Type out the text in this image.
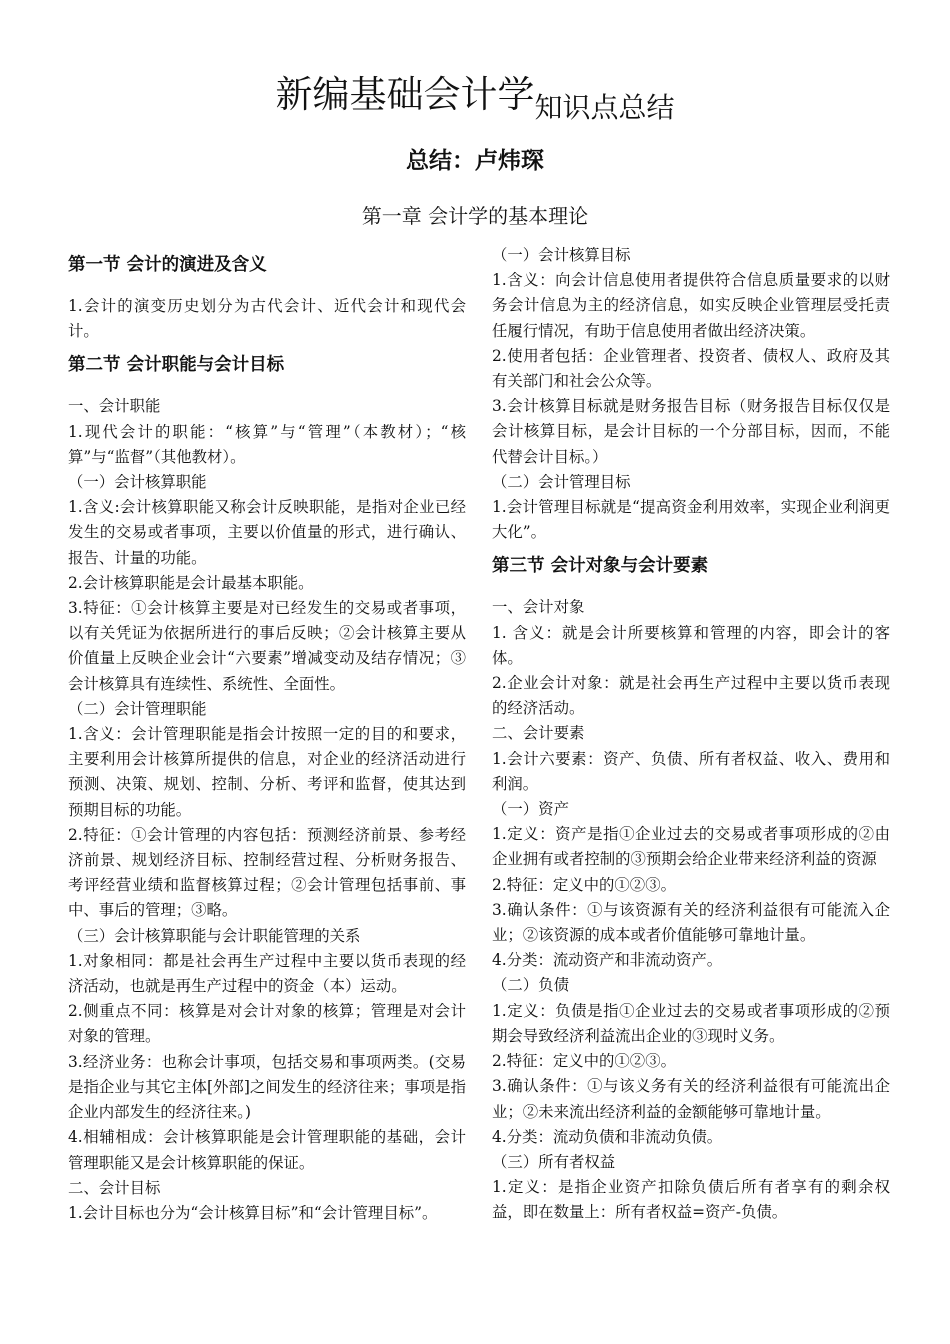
新编基础会计学知识点总结
总结：卢炜琛
第一章 会计学的基本理论
第一节 会计的演进及含义

1.会计的演变历史划分为古代会计、近代会计和现代会计。

第二节 会计职能与会计目标

一、会计职能

1.现代会计的职能：“核算”与“管理”（本教材）；“核算”与“监督”（其他教材）。

（一）会计核算职能

1.含义:会计核算职能又称会计反映职能，是指对企业已经发生的交易或者事项，主要以价值量的形式，进行确认、报告、计量的功能。

2.会计核算职能是会计最基本职能。

3.特征：①会计核算主要是对已经发生的交易或者事项，以有关凭证为依据所进行的事后反映；②会计核算主要从价值量上反映企业会计“六要素”增减变动及结存情况；③会计核算具有连续性、系统性、全面性。

（二）会计管理职能

1.含义：会计管理职能是指会计按照一定的目的和要求，主要利用会计核算所提供的信息，对企业的经济活动进行预测、决策、规划、控制、分析、考评和监督，使其达到预期目标的功能。

2.特征：①会计管理的内容包括：预测经济前景、参考经济前景、规划经济目标、控制经营过程、分析财务报告、考评经营业绩和监督核算过程；②会计管理包括事前、事中、事后的管理；③略。

（三）会计核算职能与会计职能管理的关系

1.对象相同：都是社会再生产过程中主要以货币表现的经济活动，也就是再生产过程中的资金（本）运动。

2.侧重点不同：核算是对会计对象的核算；管理是对会计对象的管理。

3.经济业务：也称会计事项，包括交易和事项两类。(交易是指企业与其它主体[外部]之间发生的经济往来；事项是指企业内部发生的经济往来。)

4.相辅相成：会计核算职能是会计管理职能的基础，会计管理职能又是会计核算职能的保证。

二、会计目标

1.会计目标也分为“会计核算目标”和“会计管理目标”。

（一）会计核算目标

1.含义：向会计信息使用者提供符合信息质量要求的以财务会计信息为主的经济信息，如实反映企业管理层受托责任履行情况，有助于信息使用者做出经济决策。

2.使用者包括：企业管理者、投资者、债权人、政府及其有关部门和社会公众等。

3.会计核算目标就是财务报告目标（财务报告目标仅仅是会计核算目标，是会计目标的一个分部目标，因而，不能代替会计目标。）

（二）会计管理目标

1.会计管理目标就是“提高资金利用效率，实现企业利润更大化”。

第三节 会计对象与会计要素

一、会计对象

1. 含义：就是会计所要核算和管理的内容，即会计的客体。

2.企业会计对象：就是社会再生产过程中主要以货币表现的经济活动。

二、会计要素

1.会计六要素：资产、负债、所有者权益、收入、费用和利润。

（一）资产

1.定义：资产是指①企业过去的交易或者事项形成的②由企业拥有或者控制的③预期会给企业带来经济利益的资源

2.特征：定义中的①②③。

3.确认条件：①与该资源有关的经济利益很有可能流入企业；②该资源的成本或者价值能够可靠地计量。

4.分类：流动资产和非流动资产。

（二）负债

1.定义：负债是指①企业过去的交易或者事项形成的②预期会导致经济利益流出企业的③现时义务。

2.特征：定义中的①②③。

3.确认条件：①与该义务有关的经济利益很有可能流出企业；②未来流出经济利益的金额能够可靠地计量。

4.分类：流动负债和非流动负债。

（三）所有者权益

1.定义：是指企业资产扣除负债后所有者享有的剩余权益，即在数量上：所有者权益=资产-负债。
